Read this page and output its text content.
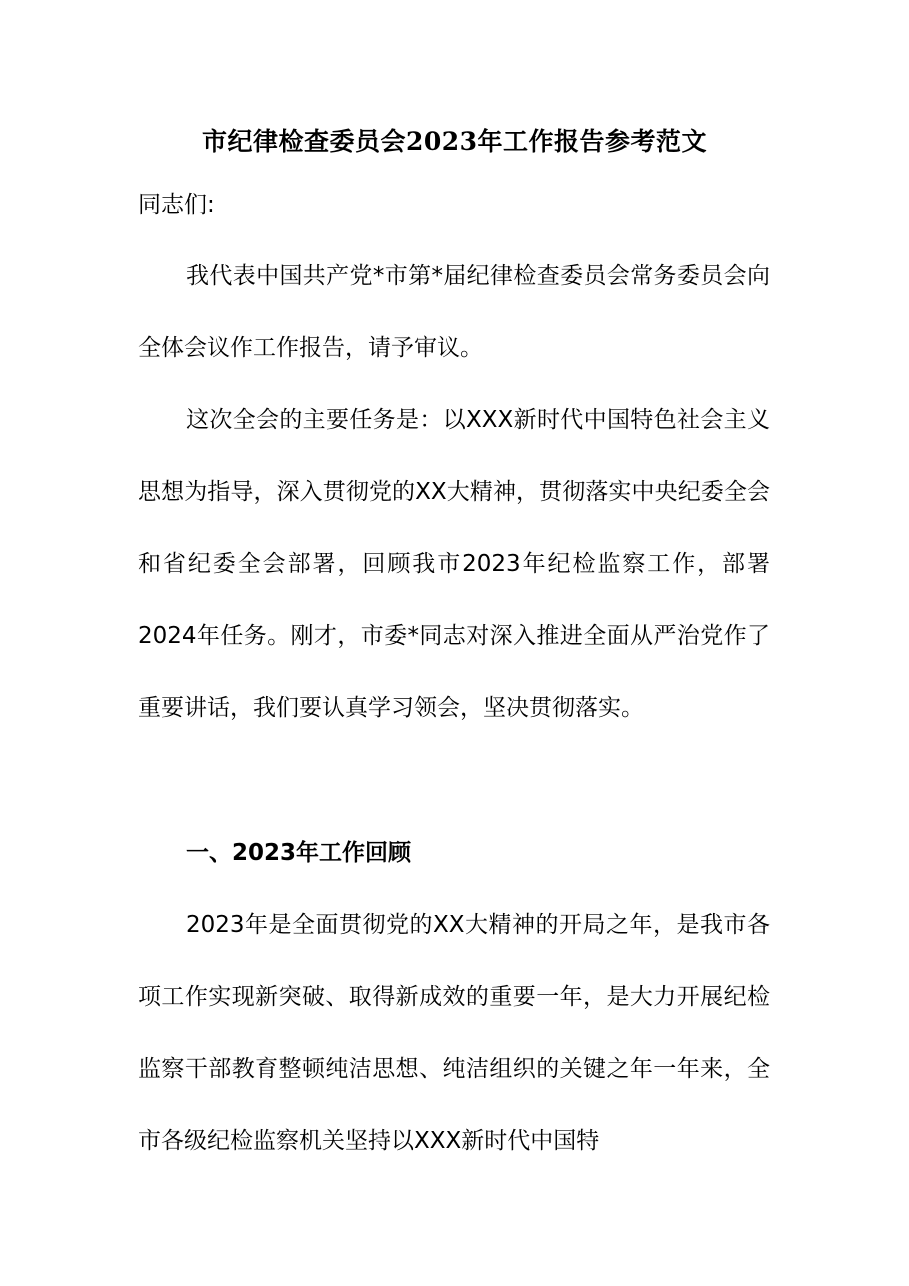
市纪律检查委员会2023年工作报告参考范文

同志们:

我代表中国共产党*市第*届纪律检查委员会常务委员会向全体会议作工作报告，请予审议。

这次全会的主要任务是：以XXX新时代中国特色社会主义思想为指导，深入贯彻党的XX大精神，贯彻落实中央纪委全会和省纪委全会部署，回顾我市2023年纪检监察工作，部署2024年任务。刚才，市委*同志对深入推进全面从严治党作了重要讲话，我们要认真学习领会，坚决贯彻落实。

一、2023年工作回顾

2023年是全面贯彻党的XX大精神的开局之年，是我市各项工作实现新突破、取得新成效的重要一年，是大力开展纪检监察干部教育整顿纯洁思想、纯洁组织的关键之年一年来，全市各级纪检监察机关坚持以XXX新时代中国特
